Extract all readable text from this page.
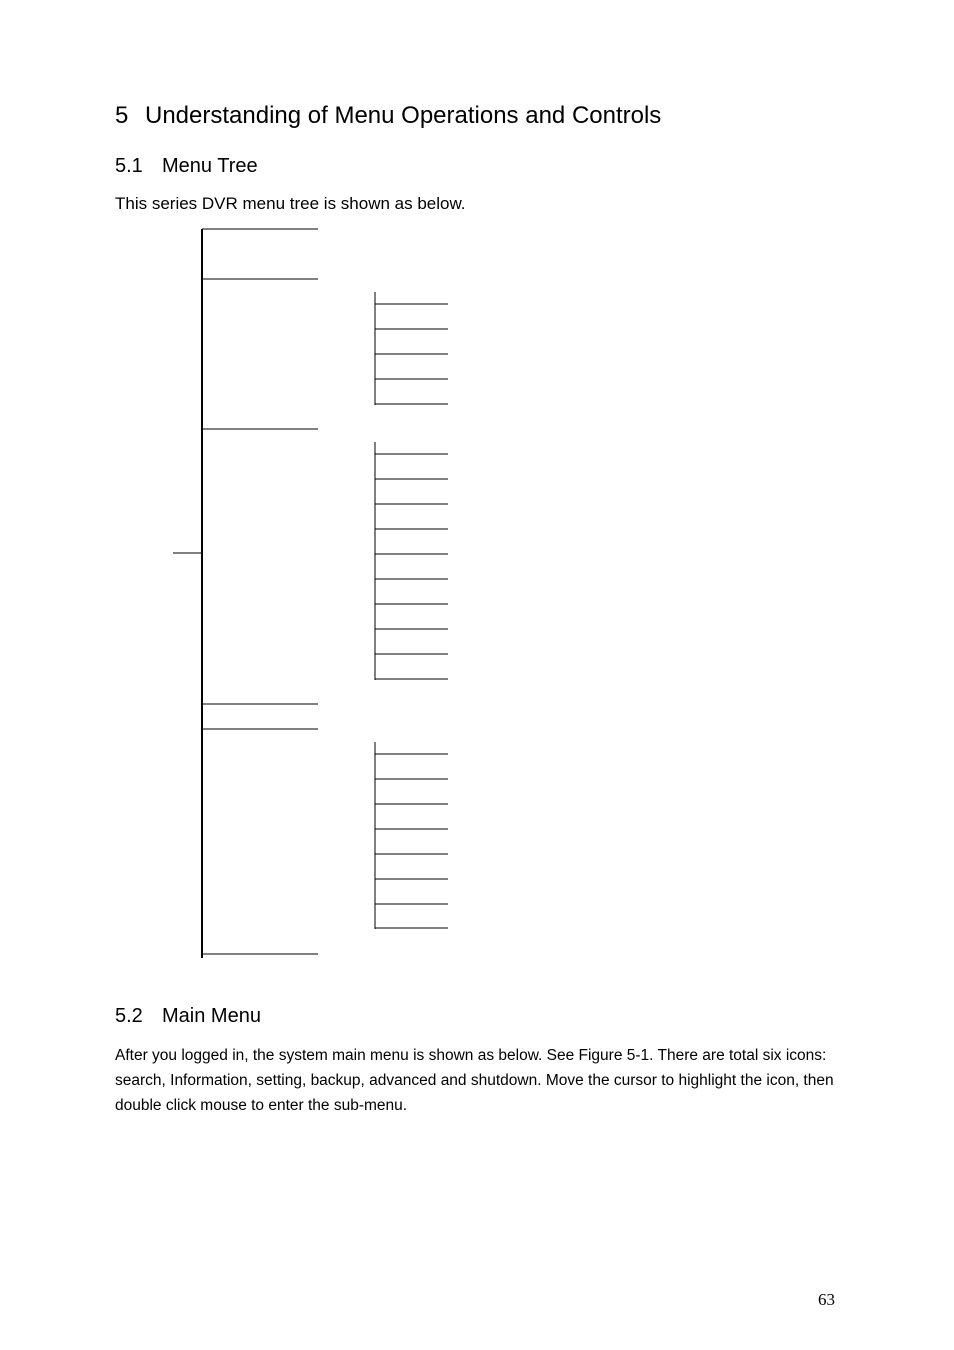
5 Understanding of Menu Operations and Controls
5.1 Menu Tree

This series DVR menu tree is shown as below.

5.2 Main Menu

After you logged in, the system main menu is shown as below. See Figure 5-1. There are total six icons: search, Information, setting, backup, advanced and shutdown. Move the cursor to highlight the icon, then double click mouse to enter the sub-menu.

63
